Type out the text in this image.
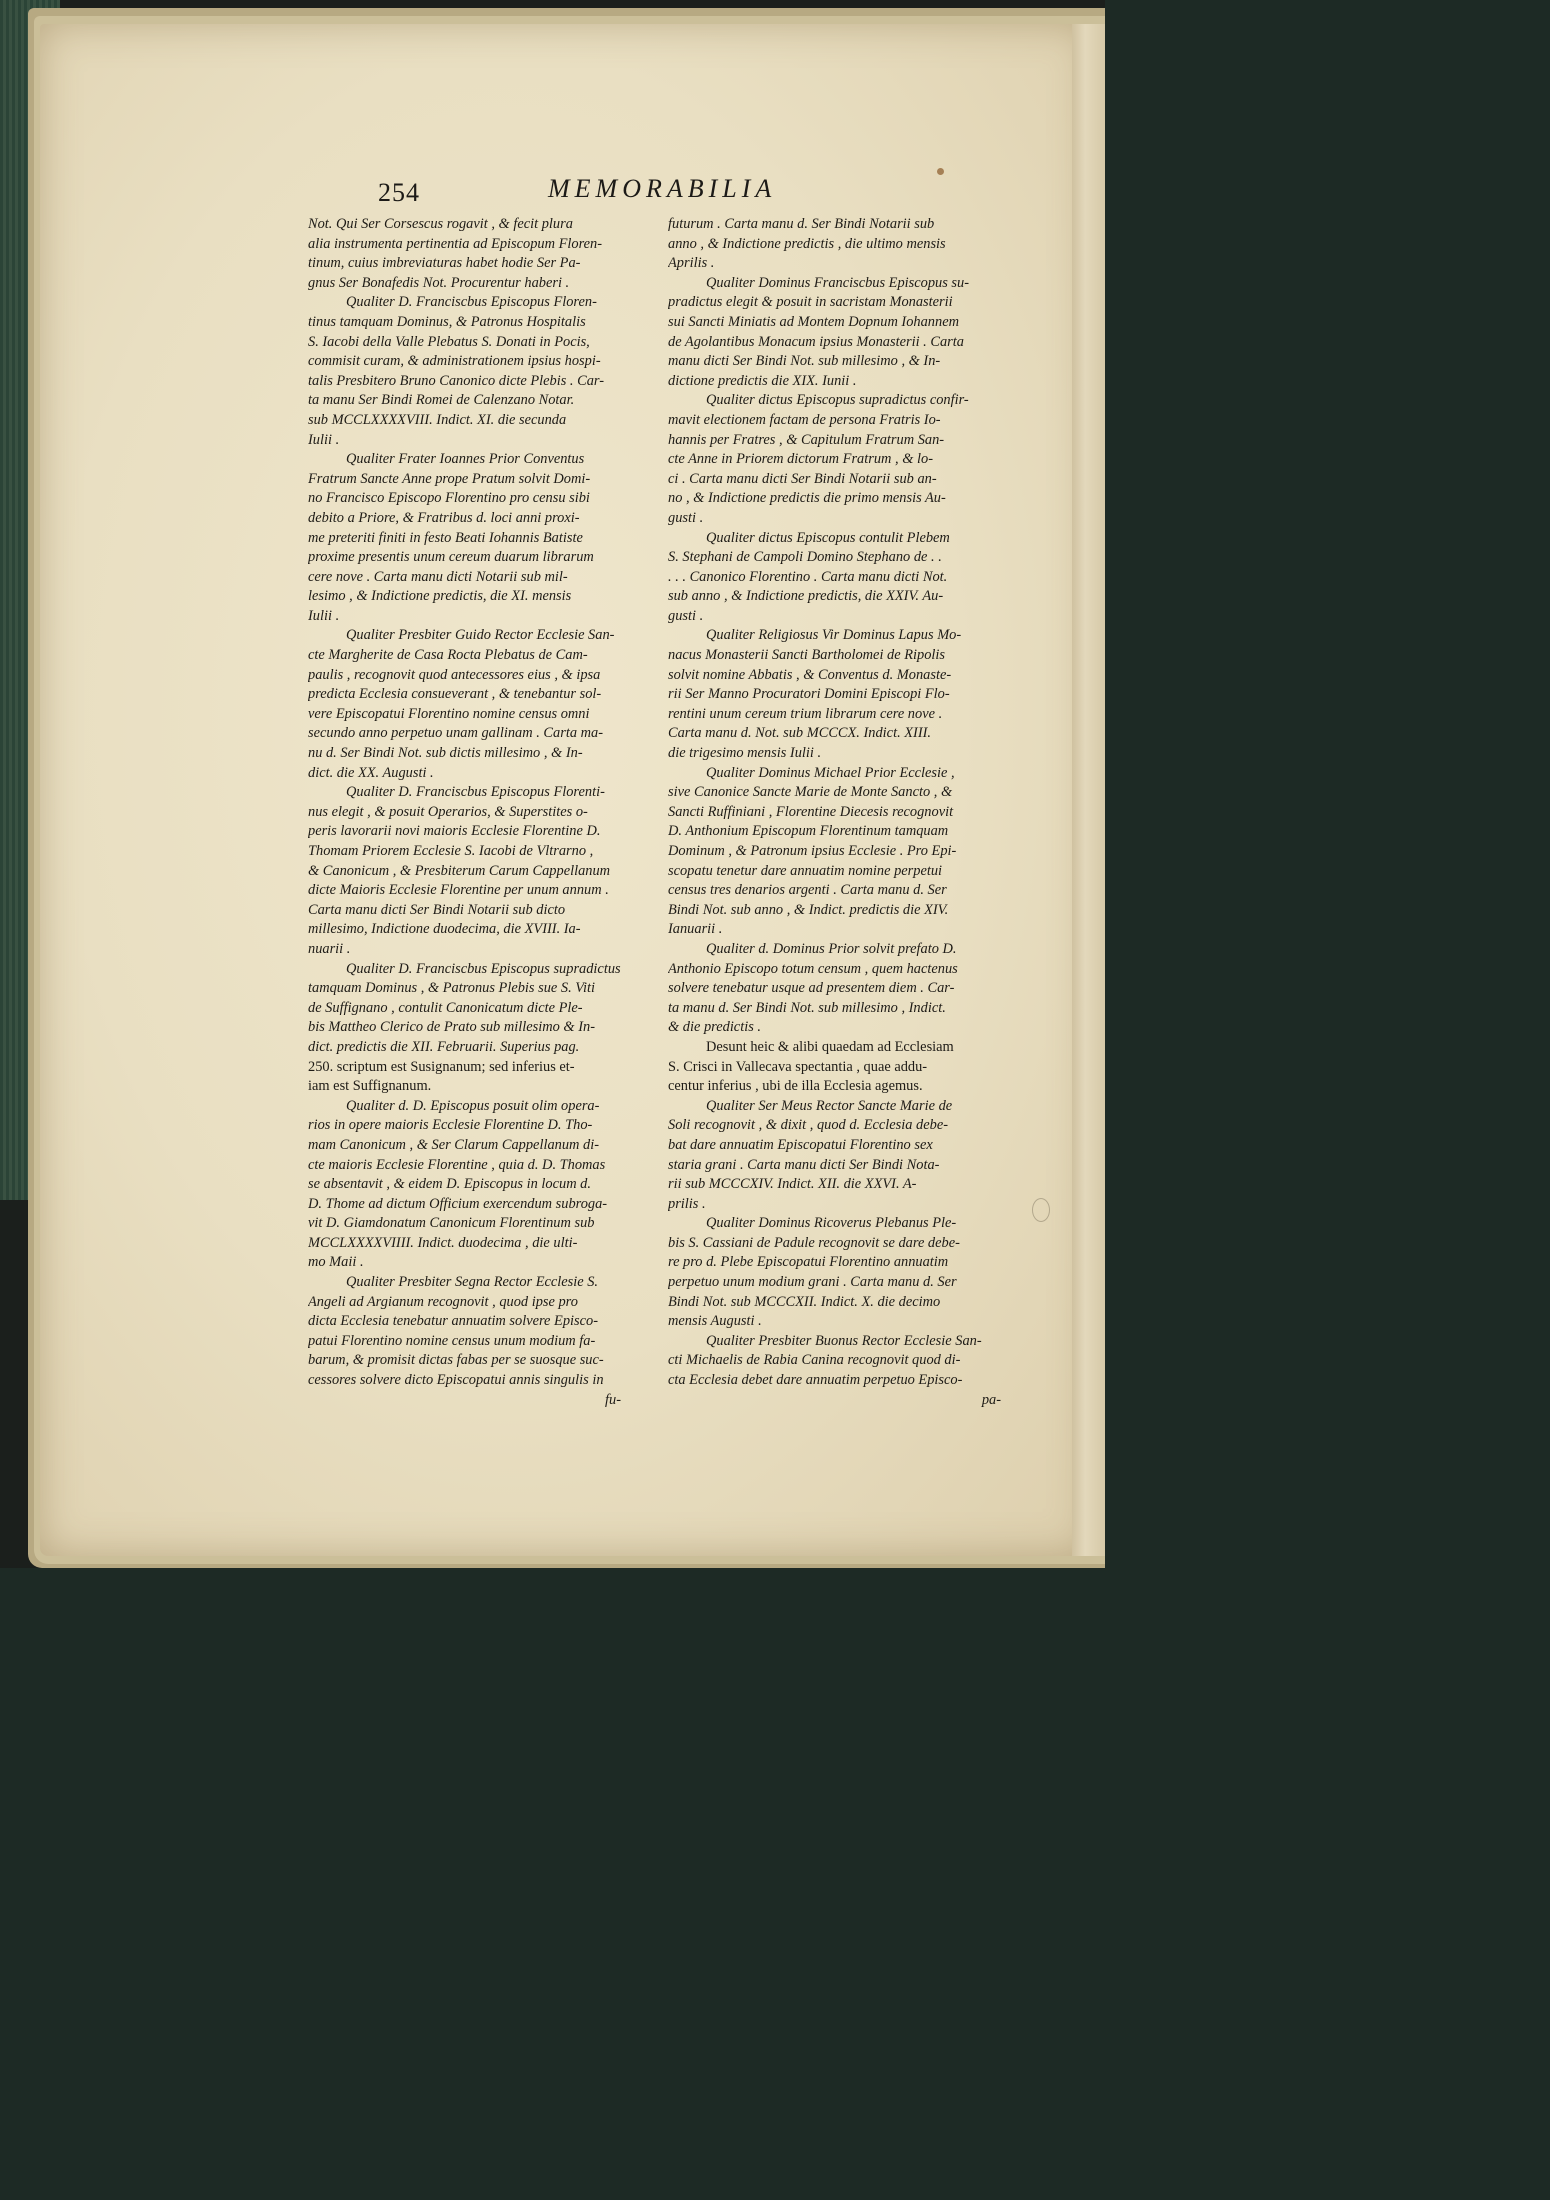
254	MEMORABILIA
Not. Qui Ser Corsescus rogavit , & fecit plura
alia instrumenta pertinentia ad Episcopum Floren-
tinum, cuius imbreviaturas habet hodie Ser Pa-
gnus Ser Bonafedis Not. Procurentur haberi .
Qualiter D. Franciscbus Episcopus Floren-
tinus tamquam Dominus, & Patronus Hospitalis
S. Iacobi della Valle Plebatus S. Donati in Pocis,
commisit curam, & administrationem ipsius hospi-
talis Presbitero Bruno Canonico dicte Plebis . Car-
ta manu Ser Bindi Romei de Calenzano Notar.
sub MCCLXXXXVIII. Indict. XI. die secunda
Iulii .
Qualiter Frater Ioannes Prior Conventus
Fratrum Sancte Anne prope Pratum solvit Domi-
no Francisco Episcopo Florentino pro censu sibi
debito a Priore, & Fratribus d. loci anni proxi-
me preteriti finiti in festo Beati Iohannis Batiste
proxime presentis unum cereum duarum librarum
cere nove . Carta manu dicti Notarii sub mil-
lesimo , & Indictione predictis, die XI. mensis
Iulii .
Qualiter Presbiter Guido Rector Ecclesie San-
cte Margherite de Casa Rocta Plebatus de Cam-
paulis , recognovit quod antecessores eius , & ipsa
predicta Ecclesia consueverant , & tenebantur sol-
vere Episcopatui Florentino nomine census omni
secundo anno perpetuo unam gallinam . Carta ma-
nu d. Ser Bindi Not. sub dictis millesimo , & In-
dict. die XX. Augusti .
Qualiter D. Franciscbus Episcopus Florenti-
nus elegit , & posuit Operarios, & Superstites o-
peris lavorarii novi maioris Ecclesie Florentine D.
Thomam Priorem Ecclesie S. Iacobi de Vltrarno ,
& Canonicum , & Presbiterum Carum Cappellanum
dicte Maioris Ecclesie Florentine per unum annum .
Carta manu dicti Ser Bindi Notarii sub dicto
millesimo, Indictione duodecima, die XVIII. Ia-
nuarii .
Qualiter D. Franciscbus Episcopus supradictus
tamquam Dominus , & Patronus Plebis sue S. Viti
de Suffignano , contulit Canonicatum dicte Ple-
bis Mattheo Clerico de Prato sub millesimo & In-
dict. predictis die XII. Februarii. Superius pag.
250. scriptum est Susignanum; sed inferius et-
iam est Suffignanum.
Qualiter d. D. Episcopus posuit olim opera-
rios in opere maioris Ecclesie Florentine D. Tho-
mam Canonicum , & Ser Clarum Cappellanum di-
cte maioris Ecclesie Florentine , quia d. D. Thomas
se absentavit , & eidem D. Episcopus in locum d.
D. Thome ad dictum Officium exercendum subroga-
vit D. Giamdonatum Canonicum Florentinum sub
MCCLXXXXVIIII. Indict. duodecima , die ulti-
mo Maii .
Qualiter Presbiter Segna Rector Ecclesie S.
Angeli ad Argianum recognovit , quod ipse pro
dicta Ecclesia tenebatur annuatim solvere Episco-
patui Florentino nomine census unum modium fa-
barum, & promisit dictas fabas per se suosque suc-
cessores solvere dicto Episcopatui annis singulis in
fu-
futurum . Carta manu d. Ser Bindi Notarii sub
anno , & Indictione predictis , die ultimo mensis
Aprilis .
Qualiter Dominus Franciscbus Episcopus su-
pradictus elegit & posuit in sacristam Monasterii
sui Sancti Miniatis ad Montem Dopnum Iohannem
de Agolantibus Monacum ipsius Monasterii . Carta
manu dicti Ser Bindi Not. sub millesimo , & In-
dictione predictis die XIX. Iunii .
Qualiter dictus Episcopus supradictus confir-
mavit electionem factam de persona Fratris Io-
hannis per Fratres , & Capitulum Fratrum San-
cte Anne in Priorem dictorum Fratrum , & lo-
ci . Carta manu dicti Ser Bindi Notarii sub an-
no , & Indictione predictis die primo mensis Au-
gusti .
Qualiter dictus Episcopus contulit Plebem
S. Stephani de Campoli Domino Stephano de . .
. . . Canonico Florentino . Carta manu dicti Not.
sub anno , & Indictione predictis, die XXIV. Au-
gusti .
Qualiter Religiosus Vir Dominus Lapus Mo-
nacus Monasterii Sancti Bartholomei de Ripolis
solvit nomine Abbatis , & Conventus d. Monaste-
rii Ser Manno Procuratori Domini Episcopi Flo-
rentini unum cereum trium librarum cere nove .
Carta manu d. Not. sub MCCCX. Indict. XIII.
die trigesimo mensis Iulii .
Qualiter Dominus Michael Prior Ecclesie ,
sive Canonice Sancte Marie de Monte Sancto , &
Sancti Ruffiniani , Florentine Diecesis recognovit
D. Anthonium Episcopum Florentinum tamquam
Dominum , & Patronum ipsius Ecclesie . Pro Epi-
scopatu tenetur dare annuatim nomine perpetui
census tres denarios argenti . Carta manu d. Ser
Bindi Not. sub anno , & Indict. predictis die XIV.
Ianuarii .
Qualiter d. Dominus Prior solvit prefato D.
Anthonio Episcopo totum censum , quem hactenus
solvere tenebatur usque ad presentem diem . Car-
ta manu d. Ser Bindi Not. sub millesimo , Indict.
& die predictis .
Desunt heic & alibi quaedam ad Ecclesiam
S. Crisci in Vallecava spectantia , quae addu-
centur inferius , ubi de illa Ecclesia agemus.
Qualiter Ser Meus Rector Sancte Marie de
Soli recognovit , & dixit , quod d. Ecclesia debe-
bat dare annuatim Episcopatui Florentino sex
staria grani . Carta manu dicti Ser Bindi Nota-
rii sub MCCCXIV. Indict. XII. die XXVI. A-
prilis .
Qualiter Dominus Ricoverus Plebanus Ple-
bis S. Cassiani de Padule recognovit se dare debe-
re pro d. Plebe Episcopatui Florentino annuatim
perpetuo unum modium grani . Carta manu d. Ser
Bindi Not. sub MCCCXII. Indict. X. die decimo
mensis Augusti .
Qualiter Presbiter Buonus Rector Ecclesie San-
cti Michaelis de Rabia Canina recognovit quod di-
cta Ecclesia debet dare annuatim perpetuo Episco-
pa-
